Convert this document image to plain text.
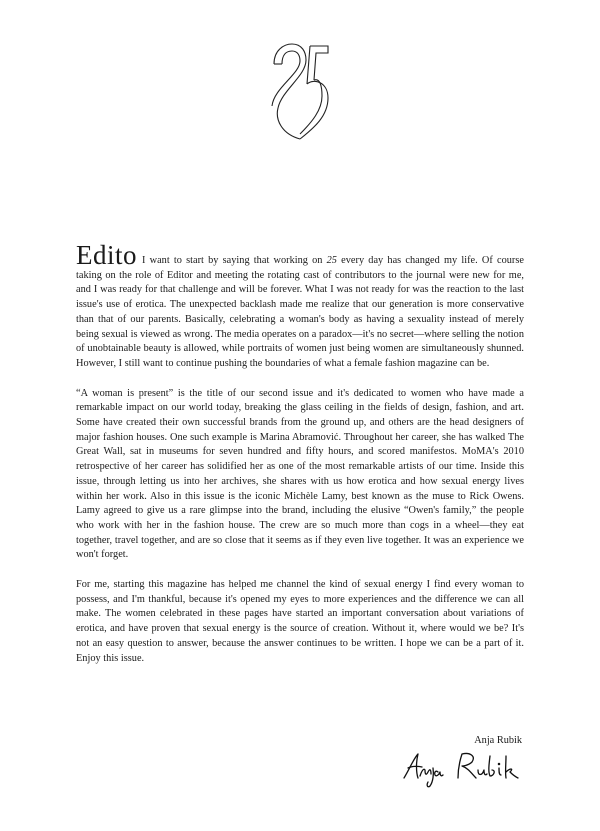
Edito I want to start by saying that working on 25 every day has changed my life. Of course taking on the role of Editor and meeting the rotating cast of contributors to the journal were new for me, and I was ready for that challenge and will be forever. What I was not ready for was the reaction to the last issue's use of erotica. The unexpected backlash made me realize that our generation is more conservative than that of our parents. Basically, celebrating a woman's body as having a sexuality instead of merely being sexual is viewed as wrong. The media operates on a paradox—it's no secret—where selling the notion of unobtainable beauty is allowed, while portraits of women just being women are simultaneously shunned. However, I still want to continue pushing the boundaries of what a female fashion magazine can be.

“A woman is present” is the title of our second issue and it's dedicated to women who have made a remarkable impact on our world today, breaking the glass ceiling in the fields of design, fashion, and art. Some have created their own successful brands from the ground up, and others are the head designers of major fashion houses. One such example is Marina Abramović. Throughout her career, she has walked The Great Wall, sat in museums for seven hundred and fifty hours, and scored manifestos. MoMA's 2010 retrospective of her career has solidified her as one of the most remarkable artists of our time. Inside this issue, through letting us into her archives, she shares with us how erotica and how sexual energy lives within her work. Also in this issue is the iconic Michèle Lamy, best known as the muse to Rick Owens. Lamy agreed to give us a rare glimpse into the brand, including the elusive “Owen's family,” the people who work with her in the fashion house. The crew are so much more than cogs in a wheel—they eat together, travel together, and are so close that it seems as if they even live together. It was an experience we won't forget.

For me, starting this magazine has helped me channel the kind of sexual energy I find every woman to possess, and I'm thankful, because it's opened my eyes to more experiences and the difference we can all make. The women celebrated in these pages have started an important conversation about variations of erotica, and have proven that sexual energy is the source of creation. Without it, where would we be? It's not an easy question to answer, because the answer continues to be written. I hope we can be a part of it. Enjoy this issue.

Anja Rubik
